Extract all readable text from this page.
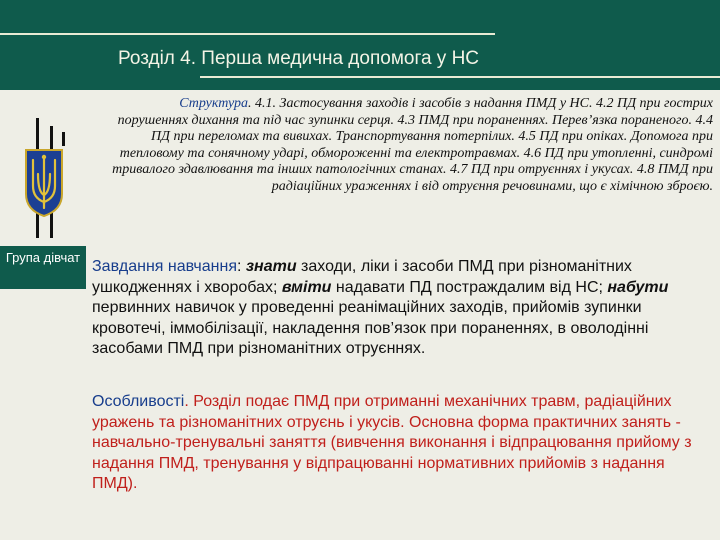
Розділ 4. Перша медична допомога у НС
Група дівчат
Структура. 4.1. Застосування заходів і засобів з надання ПМД у НС. 4.2 ПД при гострих порушеннях дихання та під час зупинки серця. 4.3 ПМД при пораненнях. Перев’язка пораненого. 4.4 ПД при переломах та вивихах. Транспортування потерпілих. 4.5 ПД при опіках. Допомога при тепловому та сонячному ударі, обмороженні та електротравмах. 4.6 ПД при утопленні, синдромі тривалого здавлювання та інших патологічних станах. 4.7 ПД при отруєннях і укусах. 4.8 ПМД при радіаційних ураженнях і від отруєння речовинами, що є хімічною зброєю.
Завдання навчання: знати заходи, ліки і засоби ПМД при різноманітних ушкодженнях і хворобах; вміти надавати ПД постраждалим від НС; набути первинних навичок у проведенні реанімаційних заходів, прийомів зупинки кровотечі, іммобілізації, накладення пов’язок при пораненнях, в оволодінні засобами ПМД при різноманітних отруєннях.
Особливості. Розділ подає ПМД при отриманні механічних травм, радіаційних уражень та різноманітних отруєнь і укусів. Основна форма практичних занять - навчально-тренувальні заняття (вивчення виконання і відпрацювання прийому з надання ПМД, тренування у відпрацюванні нормативних прийомів з надання ПМД).
